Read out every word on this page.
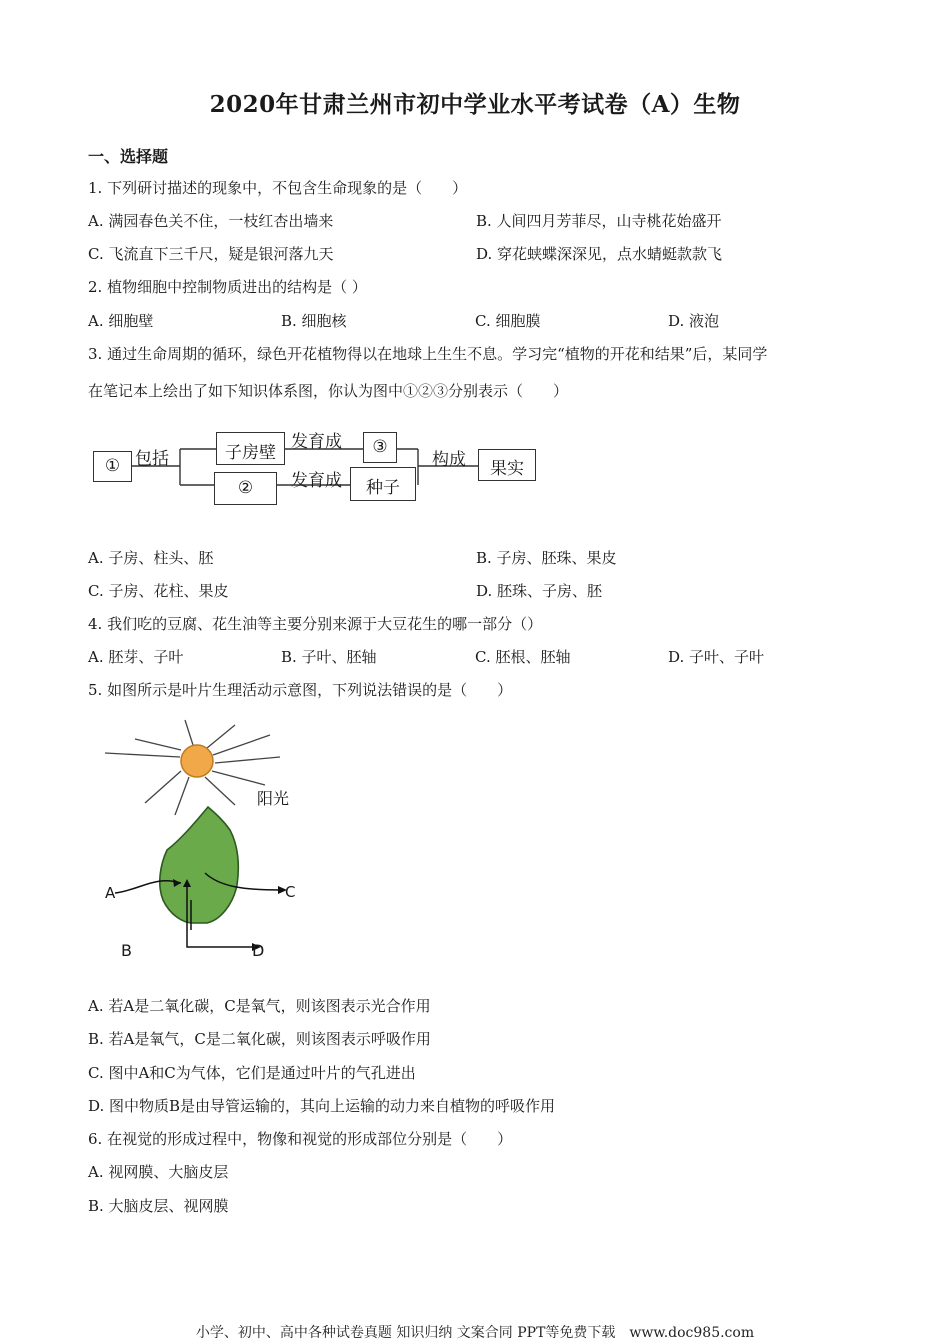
2020年甘肃兰州市初中学业水平考试卷（A）生物
一、选择题
1. 下列研讨描述的现象中，不包含生命现象的是（　　）
A. 满园春色关不住，一枝红杏出墙来	B. 人间四月芳菲尽，山寺桃花始盛开
C. 飞流直下三千尺，疑是银河落九天	D. 穿花蛱蝶深深见，点水蜻蜓款款飞
2. 植物细胞中控制物质进出的结构是（ ）
A. 细胞壁	B. 细胞核	C. 细胞膜	D. 液泡
3. 通过生命周期的循环，绿色开花植物得以在地球上生生不息。学习完“植物的开花和结果”后，某同学
在笔记本上绘出了如下知识体系图，你认为图中①②③分别表示（　　）
① 包括	子房壁
发育成	③
②	发育成	种子
构成	果实
A. 子房、柱头、胚	B. 子房、胚珠、果皮
C. 子房、花柱、果皮	D. 胚珠、子房、胚
4. 我们吃的豆腐、花生油等主要分别来源于大豆花生的哪一部分（）
A. 胚芽、子叶	B. 子叶、胚轴	C. 胚根、胚轴	D. 子叶、子叶
5. 如图所示是叶片生理活动示意图，下列说法错误的是（　　）
阳光
A	C
B	D
A. 若A是二氧化碳，C是氧气，则该图表示光合作用
B. 若A是氧气，C是二氧化碳，则该图表示呼吸作用
C. 图中A和C为气体，它们是通过叶片的气孔进出
D. 图中物质B是由导管运输的，其向上运输的动力来自植物的呼吸作用
6. 在视觉的形成过程中，物像和视觉的形成部位分别是（　　）
A. 视网膜、大脑皮层
B. 大脑皮层、视网膜
小学、初中、高中各种试卷真题 知识归纳 文案合同 PPT等免费下载　www.doc985.com
